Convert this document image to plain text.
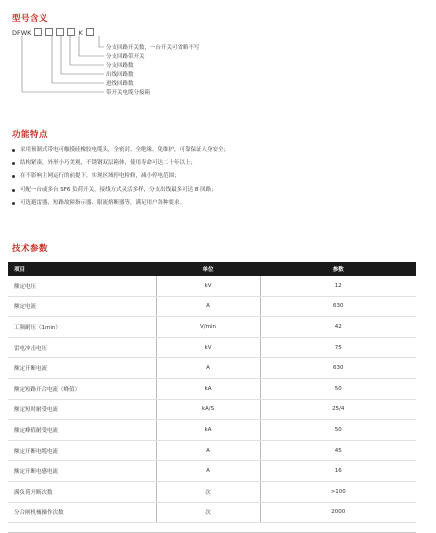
型号含义
DFWK	K
分支回路开关数，一台开关可省略不写
分支回路带开关
分支回路数
出线回路数
进线回路数
带开关电缆分接箱
功能特点
采用预制式带电可触摸硅橡胶电缆头，全密封、全绝缘、免维护，可靠保证人身安全；
结构紧凑，外形小巧美观，不锈钢双层箱体，使用寿命可达二十年以上；
在不影响主网运行的前提下，实现区域停电检修，减小停电范围；
可配一台或多台 SF6 负荷开关，接线方式灵活多样，分支出线最多可达 8 回路；
可选避雷器、短路故障指示器、限流熔断器等，满足用户各种要求。
技术参数
项目	单位	参数
额定电压	kV	12
额定电流	A	630
工频耐压（1min）	V/min	42
雷电冲击电压	kV	75
额定开断电流	A	630
额定短路开合电流（峰值）	kA	50
额定短时耐受电流	kA/S	25/4
额定峰值耐受电流	kA	50
额定开断电缆电流	A	45
额定开断电感电流	A	16
满负荷开断次数	次	>100
分合闸机械操作次数	次	2000
